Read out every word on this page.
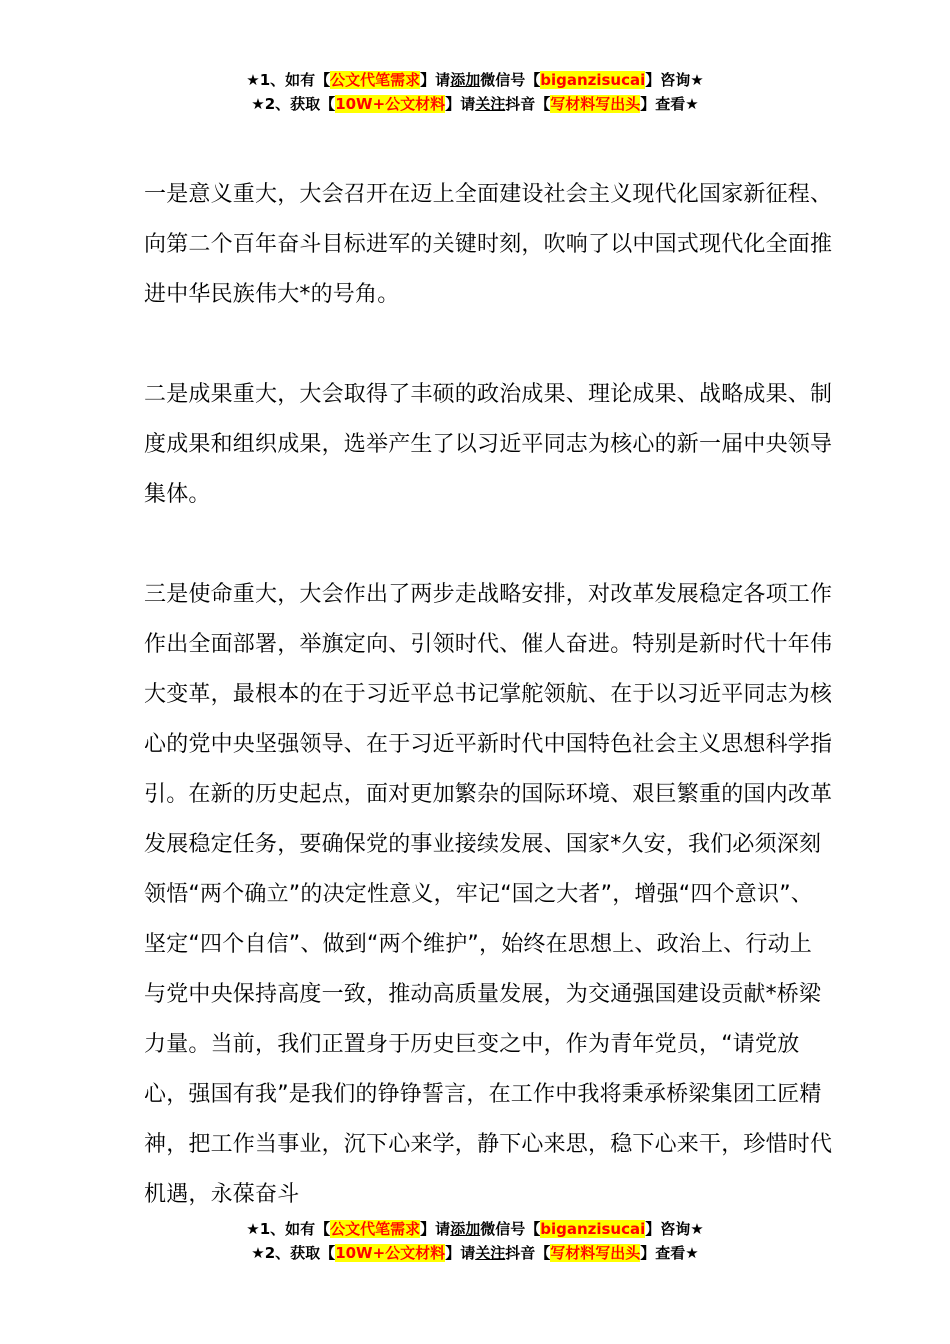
★1、如有【公文代笔需求】请添加微信号【biganzisucai】咨询★
★2、获取【10W+公文材料】请关注抖音【写材料写出头】查看★

一是意义重大，大会召开在迈上全面建设社会主义现代化国家新征程、向第二个百年奋斗目标进军的关键时刻，吹响了以中国式现代化全面推进中华民族伟大*的号角。

二是成果重大，大会取得了丰硕的政治成果、理论成果、战略成果、制度成果和组织成果，选举产生了以习近平同志为核心的新一届中央领导集体。

三是使命重大，大会作出了两步走战略安排，对改革发展稳定各项工作作出全面部署，举旗定向、引领时代、催人奋进。特别是新时代十年伟大变革，最根本的在于习近平总书记掌舵领航、在于以习近平同志为核心的党中央坚强领导、在于习近平新时代中国特色社会主义思想科学指引。在新的历史起点，面对更加繁杂的国际环境、艰巨繁重的国内改革发展稳定任务，要确保党的事业接续发展、国家*久安，我们必须深刻领悟“两个确立”的决定性意义，牢记“国之大者”，增强“四个意识”、坚定“四个自信”、做到“两个维护”，始终在思想上、政治上、行动上与党中央保持高度一致，推动高质量发展，为交通强国建设贡献*桥梁力量。当前，我们正置身于历史巨变之中，作为青年党员，“请党放心，强国有我”是我们的铮铮誓言，在工作中我将秉承桥梁集团工匠精神，把工作当事业，沉下心来学，静下心来思，稳下心来干，珍惜时代机遇，永葆奋斗

★1、如有【公文代笔需求】请添加微信号【biganzisucai】咨询★
★2、获取【10W+公文材料】请关注抖音【写材料写出头】查看★
